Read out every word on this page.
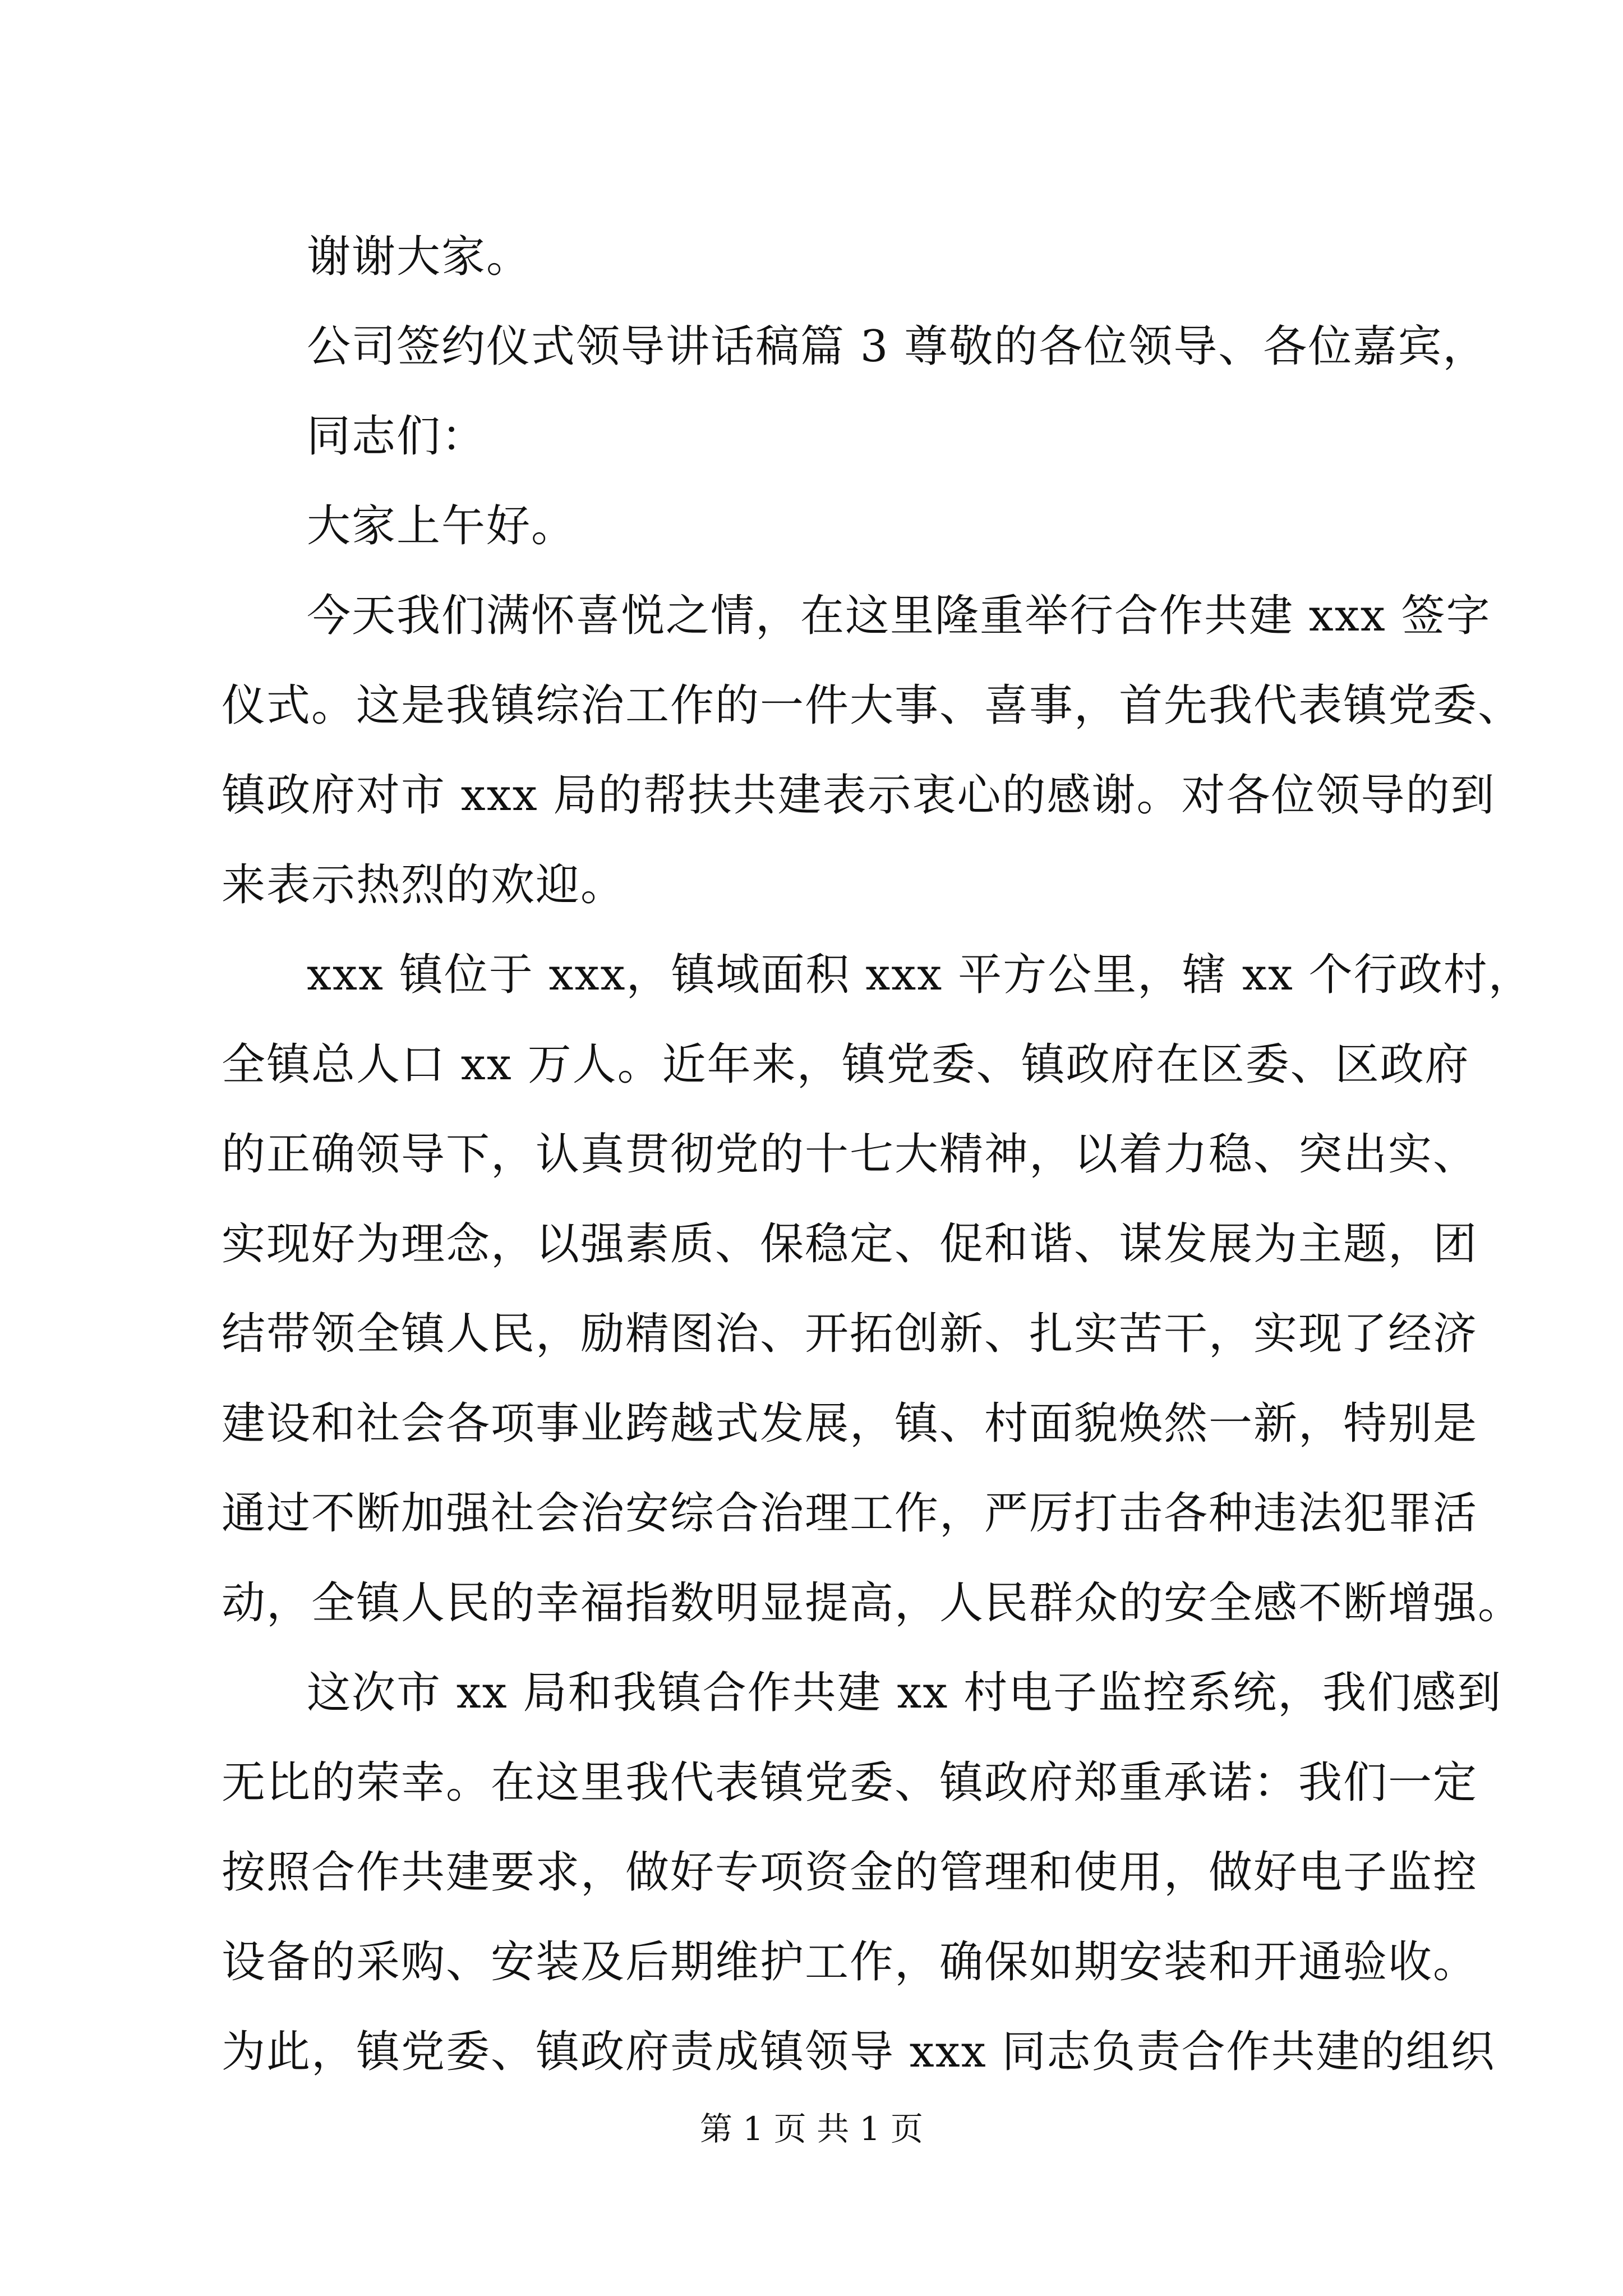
谢谢大家。
公司签约仪式领导讲话稿篇 3 尊敬的各位领导、各位嘉宾，
同志们：
大家上午好。
今天我们满怀喜悦之情，在这里隆重举行合作共建 xxx 签字
仪式。这是我镇综治工作的一件大事、喜事，首先我代表镇党委、
镇政府对市 xxx 局的帮扶共建表示衷心的感谢。对各位领导的到
来表示热烈的欢迎。
xxx 镇位于 xxx，镇域面积 xxx 平方公里，辖 xx 个行政村，
全镇总人口 xx 万人。近年来，镇党委、镇政府在区委、区政府
的正确领导下，认真贯彻党的十七大精神，以着力稳、突出实、
实现好为理念，以强素质、保稳定、促和谐、谋发展为主题，团
结带领全镇人民，励精图治、开拓创新、扎实苦干，实现了经济
建设和社会各项事业跨越式发展，镇、村面貌焕然一新，特别是
通过不断加强社会治安综合治理工作，严厉打击各种违法犯罪活
动，全镇人民的幸福指数明显提高，人民群众的安全感不断增强。
这次市 xx 局和我镇合作共建 xx 村电子监控系统，我们感到
无比的荣幸。在这里我代表镇党委、镇政府郑重承诺：我们一定
按照合作共建要求，做好专项资金的管理和使用，做好电子监控
设备的采购、安装及后期维护工作，确保如期安装和开通验收。
为此，镇党委、镇政府责成镇领导 xxx 同志负责合作共建的组织
第 1 页 共 1 页
